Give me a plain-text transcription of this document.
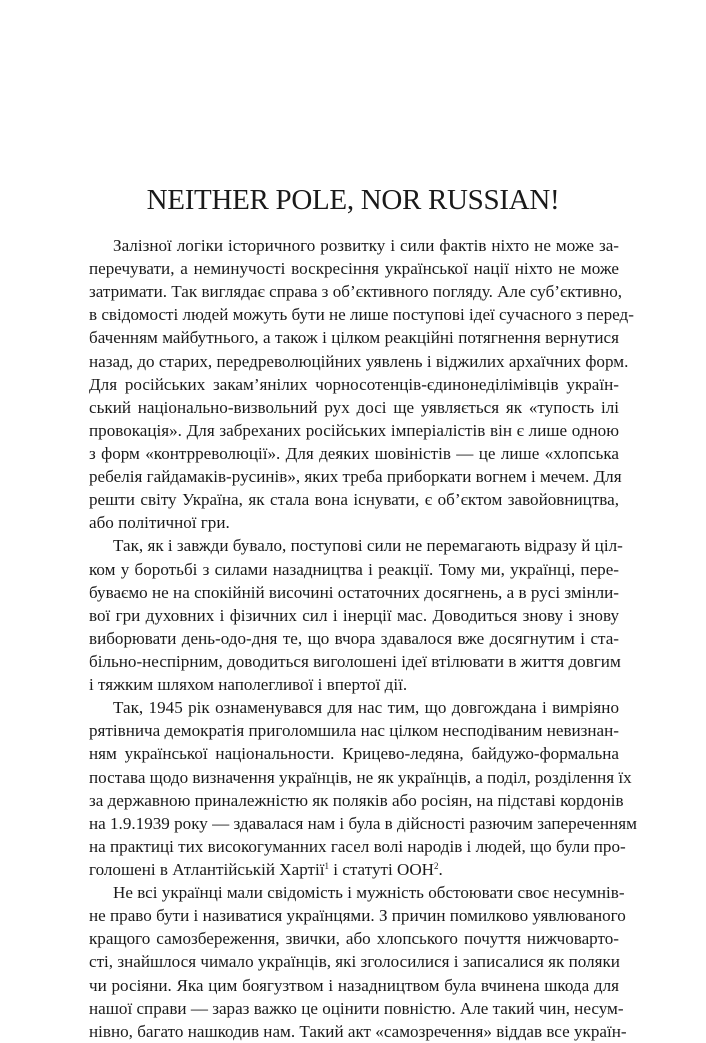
NEITHER POLE, NOR RUSSIAN!
Залізної логіки історичного розвитку і сили фактів ніхто не може за-
перечувати, а неминучості воскресіння української нації ніхто не може
затримати. Так виглядає справа з об’єктивного погляду. Але суб’єктивно,
в свідомості людей можуть бути не лише поступові ідеї сучасного з перед-
баченням майбутнього, а також і цілком реакційні потягнення вернутися
назад, до старих, передреволюційних уявлень і віджилих архаїчних форм.
Для російських закам’янілих чорносотенців-єдинонеділімівців україн-
ський національно-визвольний рух досі ще уявляється як «тупость ілі
провокація». Для забреханих російських імперіалістів він є лише одною
з форм «контрреволюції». Для деяких шовіністів — це лише «хлопська
ребелія гайдамаків-русинів», яких треба приборкати вогнем і мечем. Для
решти світу Україна, як стала вона існувати, є об’єктом завойовництва,
або політичної гри.
Так, як і завжди бувало, поступові сили не перемагають відразу й ціл-
ком у боротьбі з силами назадництва і реакції. Тому ми, українці, пере-
буваємо не на спокійній височині остаточних досягнень, а в русі змінли-
вої гри духовних і фізичних сил і інерції мас. Доводиться знову і знову
виборювати день-одо-дня те, що вчора здавалося вже досягнутим і ста-
більно-неспірним, доводиться виголошені ідеї втілювати в життя довгим
і тяжким шляхом наполегливої і впертої дії.
Так, 1945 рік ознаменувався для нас тим, що довгождана і вимріяно
рятівнича демократія приголомшила нас цілком несподіваним невизнан-
ням української національности. Крицево-ледяна, байдужо-формальна
постава щодо визначення українців, не як українців, а поділ, розділення їх
за державною приналежністю як поляків або росіян, на підставі кордонів
на 1.9.1939 року — здавалася нам і була в дійсності разючим запереченням
на практиці тих високогуманних гасел волі народів і людей, що були про-
голошені в Атлантійській Хартії$^1$ і статуті ООН$^2$.
Не всі українці мали свідомість і мужність обстоювати своє несумнів-
не право бути і називатися українцями. З причин помилково уявлюваного
кращого самозбереження, звички, або хлопського почуття нижчоварто-
сті, знайшлося чимало українців, які зголосилися і записалися як поляки
чи росіяни. Яка цим боягузтвом і назадництвом була вчинена шкода для
нашої справи — зараз важко це оцінити повністю. Але такий чин, несум-
нівно, багато нашкодив нам. Такий акт «самозречення» віддав все україн-
